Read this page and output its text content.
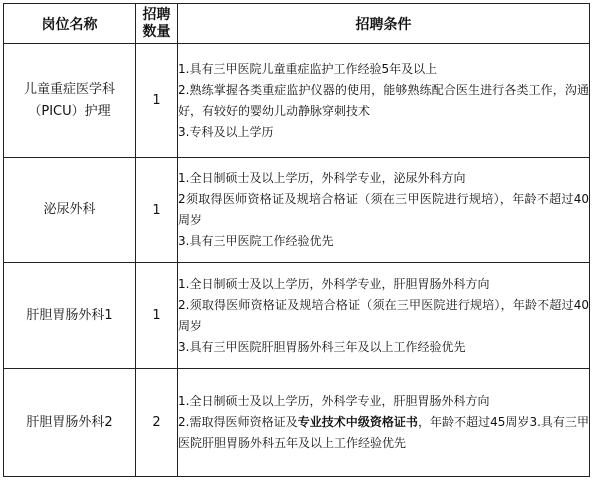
岗位名称	招聘数量	招聘条件
儿童重症医学科（PICU）护理	1	1.具有三甲医院儿童重症监护工作经验5年及以上
2.熟练掌握各类重症监护仪器的使用，能够熟练配合医生进行各类工作，沟通好，有较好的婴幼儿动静脉穿刺技术
3.专科及以上学历

泌尿外科	1	1.全日制硕士及以上学历，外科学专业，泌尿外科方向
2须取得医师资格证及规培合格证（须在三甲医院进行规培），年龄不超过40周岁
3.具有三甲医院工作经验优先

肝胆胃肠外科1	1	1.全日制硕士及以上学历，外科学专业，肝胆胃肠外科方向
2.须取得医师资格证及规培合格证（须在三甲医院进行规培），年龄不超过40周岁
3.具有三甲医院肝胆胃肠外科三年及以上工作经验优先

肝胆胃肠外科2	2	1.全日制硕士及以上学历，外科学专业，肝胆胃肠外科方向
2.需取得医师资格证及专业技术中级资格证书，年龄不超过45周岁3.具有三甲医院肝胆胃肠外科五年及以上工作经验优先
